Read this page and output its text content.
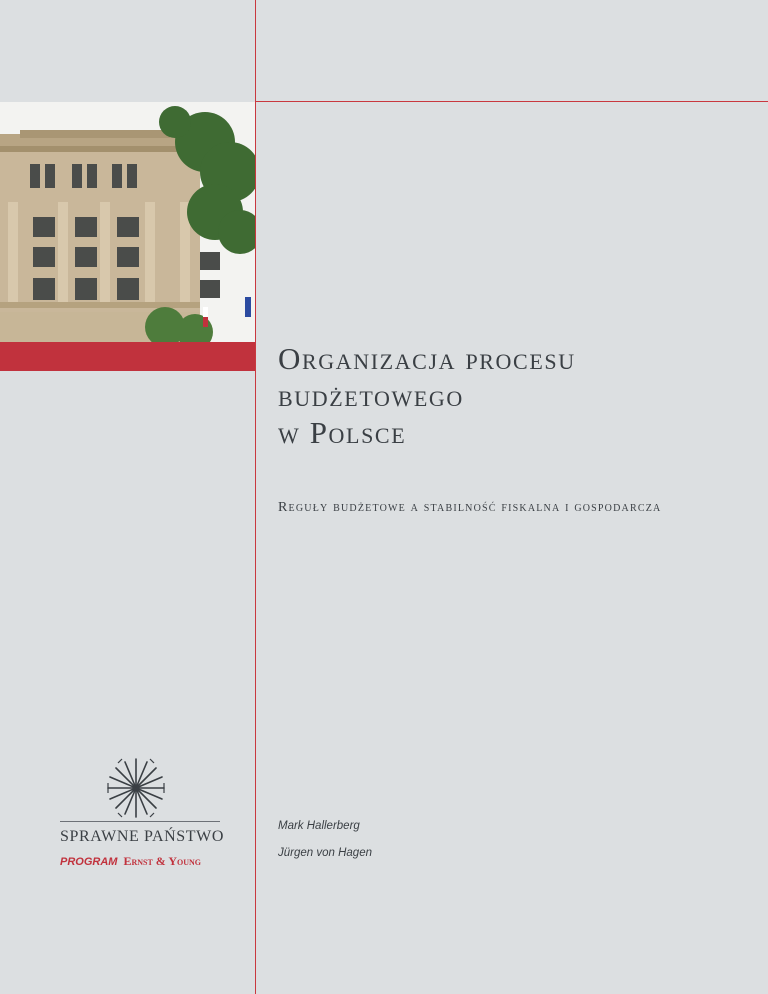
Organizacja procesu
budżetowego
w Polsce

Reguły budżetowe a stabilność fiskalna i gospodarcza

Mark Hallerberg

Jürgen von Hagen

SPRAWNE PAŃSTWO
PROGRAM Ernst & Young
